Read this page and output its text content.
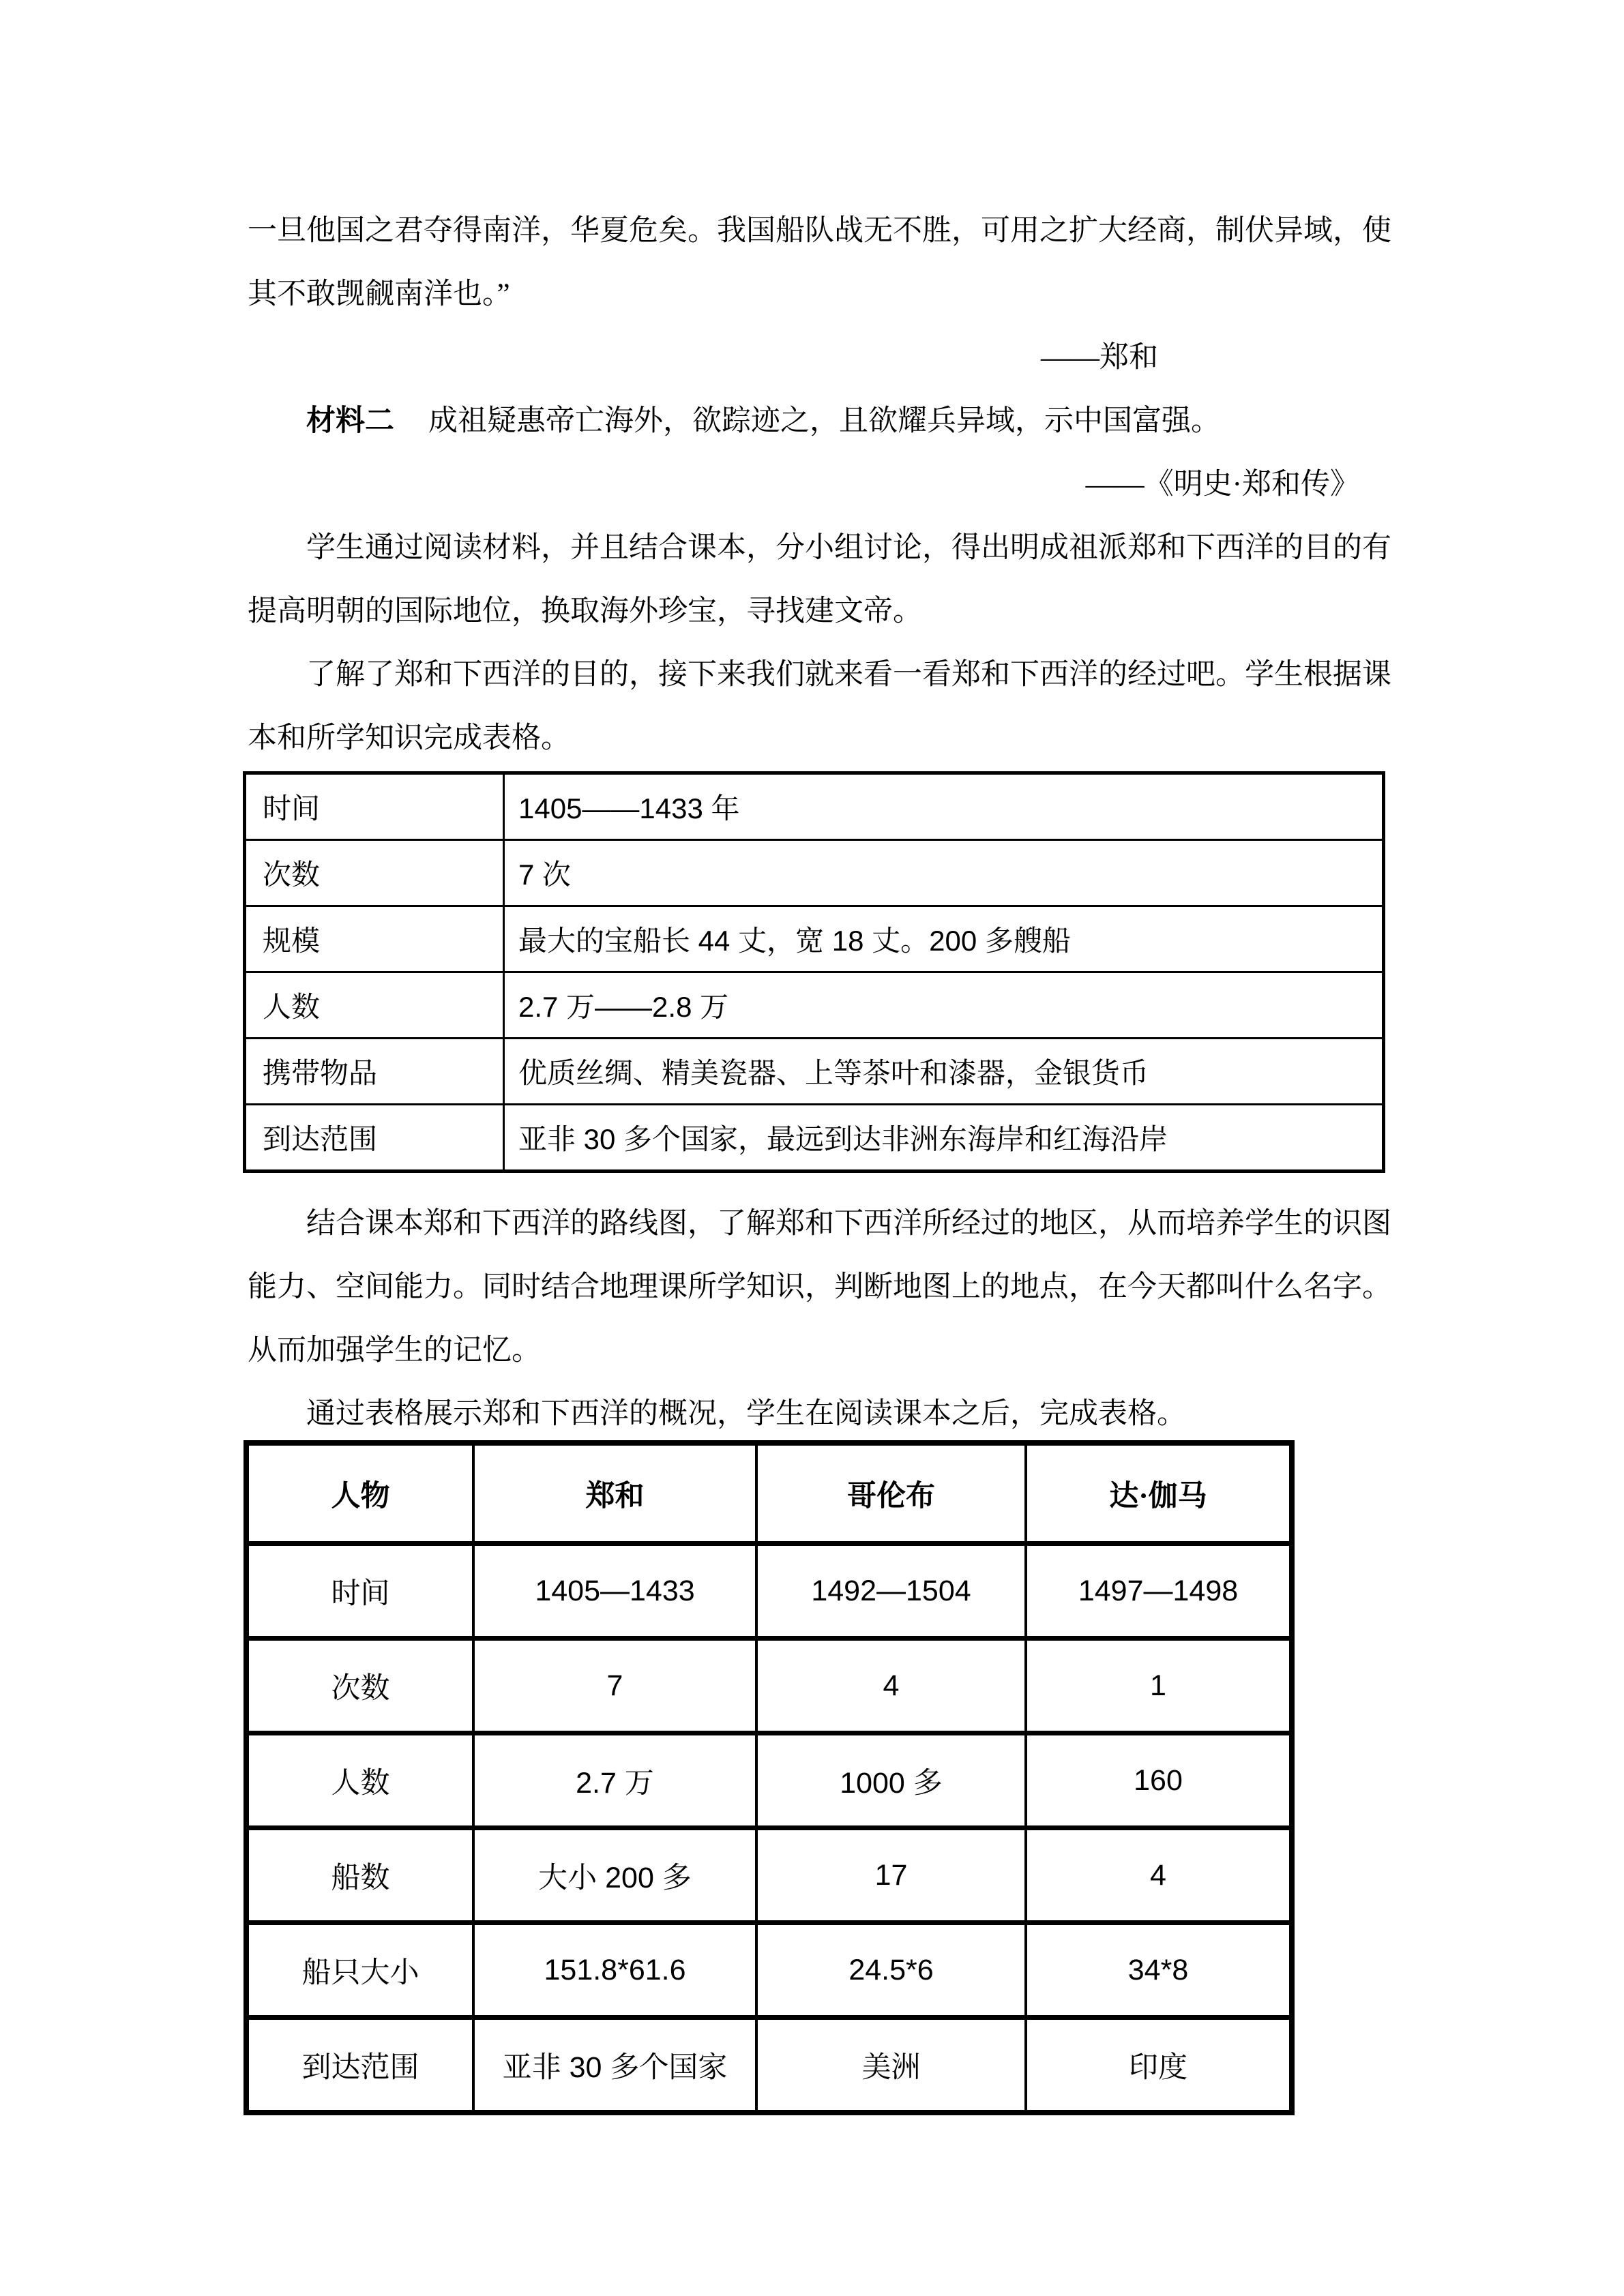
一旦他国之君夺得南洋，华夏危矣。我国船队战无不胜，可用之扩大经商，制伏异域，使
其不敢觊觎南洋也。”
——郑和
材料二 成祖疑惠帝亡海外，欲踪迹之，且欲耀兵异域，示中国富强。
——《明史·郑和传》
学生通过阅读材料，并且结合课本，分小组讨论，得出明成祖派郑和下西洋的目的有
提高明朝的国际地位，换取海外珍宝，寻找建文帝。
了解了郑和下西洋的目的，接下来我们就来看一看郑和下西洋的经过吧。学生根据课
本和所学知识完成表格。
时间	1405——1433 年
次数	7 次
规模	最大的宝船长 44 丈，宽 18 丈。200 多艘船
人数	2.7 万——2.8 万
携带物品	优质丝绸、精美瓷器、上等茶叶和漆器，金银货币
到达范围	亚非 30 多个国家，最远到达非洲东海岸和红海沿岸
结合课本郑和下西洋的路线图，了解郑和下西洋所经过的地区，从而培养学生的识图
能力、空间能力。同时结合地理课所学知识，判断地图上的地点，在今天都叫什么名字。
从而加强学生的记忆。
通过表格展示郑和下西洋的概况，学生在阅读课本之后，完成表格。
人物	郑和	哥伦布	达·伽马
时间	1405—1433	1492—1504	1497—1498
次数	7	4	1
人数	2.7 万	1000 多	160
船数	大小 200 多	17	4
船只大小	151.8*61.6	24.5*6	34*8
到达范围	亚非 30 多个国家	美洲	印度
